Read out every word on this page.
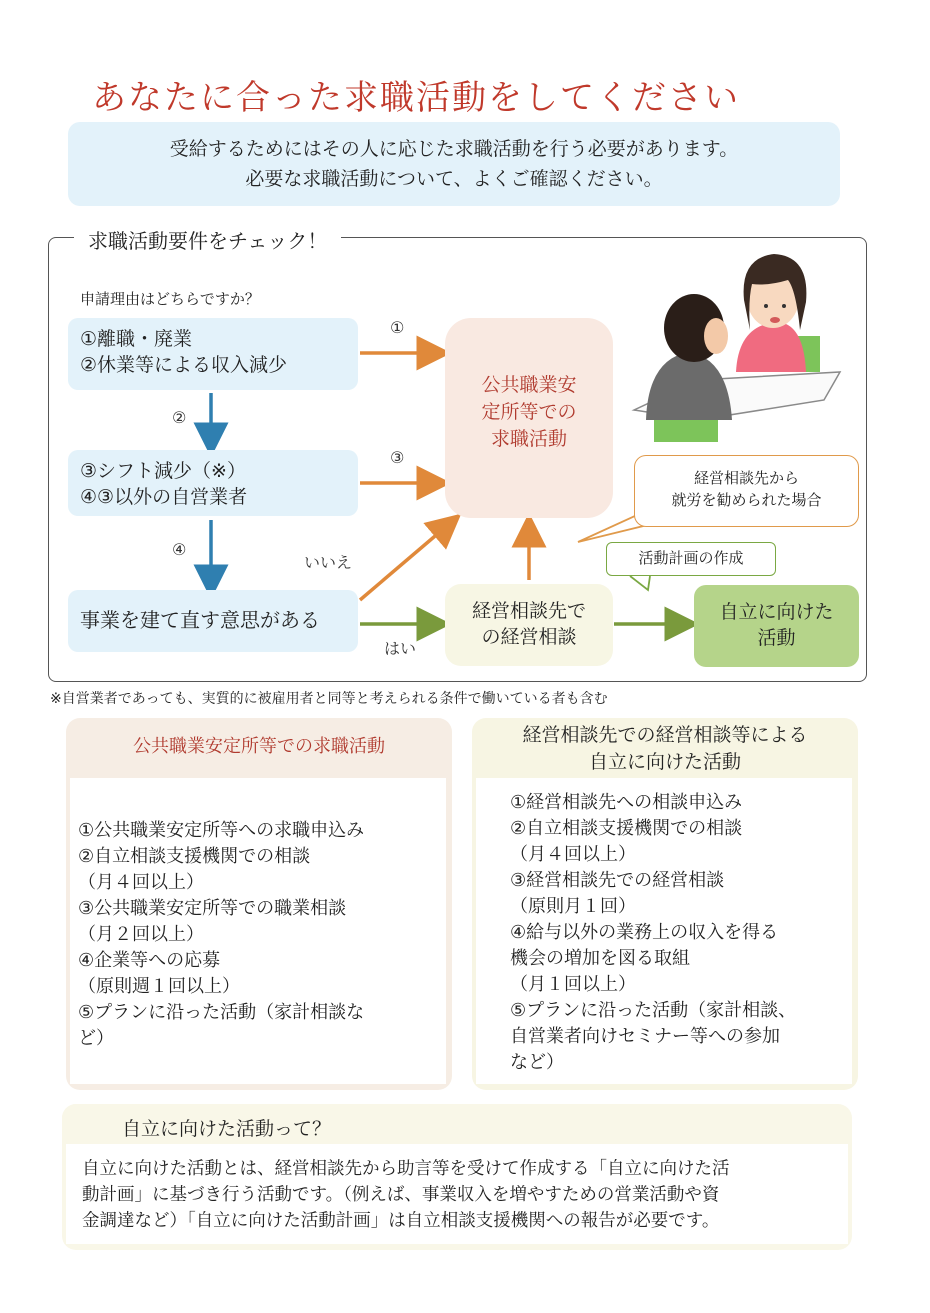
あなたに合った求職活動をしてください
受給するためにはその人に応じた求職活動を行う必要があります。
必要な求職活動について、よくご確認ください。
求職活動要件をチェック！
申請理由はどちらですか？
①
②
③
④
いいえ
はい
①離職・廃業
②休業等による収入減少
③シフト減少（※）
④③以外の自営業者
事業を建て直す意思がある
公共職業安
定所等での
求職活動
経営相談先で
の経営相談
自立に向けた
活動
経営相談先から
就労を勧められた場合
活動計画の作成
※自営業者であっても、実質的に被雇用者と同等と考えられる条件で働いている者も含む
公共職業安定所等での求職活動
①公共職業安定所等への求職申込み
②自立相談支援機関での相談
（月４回以上）
③公共職業安定所等での職業相談
（月２回以上）
④企業等への応募
（原則週１回以上）
⑤プランに沿った活動（家計相談な
ど）
経営相談先での経営相談等による
自立に向けた活動
①経営相談先への相談申込み
②自立相談支援機関での相談
（月４回以上）
③経営相談先での経営相談
（原則月１回）
④給与以外の業務上の収入を得る
機会の増加を図る取組
（月１回以上）
⑤プランに沿った活動（家計相談、
自営業者向けセミナー等への参加
など）
自立に向けた活動って？
自立に向けた活動とは、経営相談先から助言等を受けて作成する「自立に向けた活
動計画」に基づき行う活動です。（例えば、事業収入を増やすための営業活動や資
金調達など）「自立に向けた活動計画」は自立相談支援機関への報告が必要です。
